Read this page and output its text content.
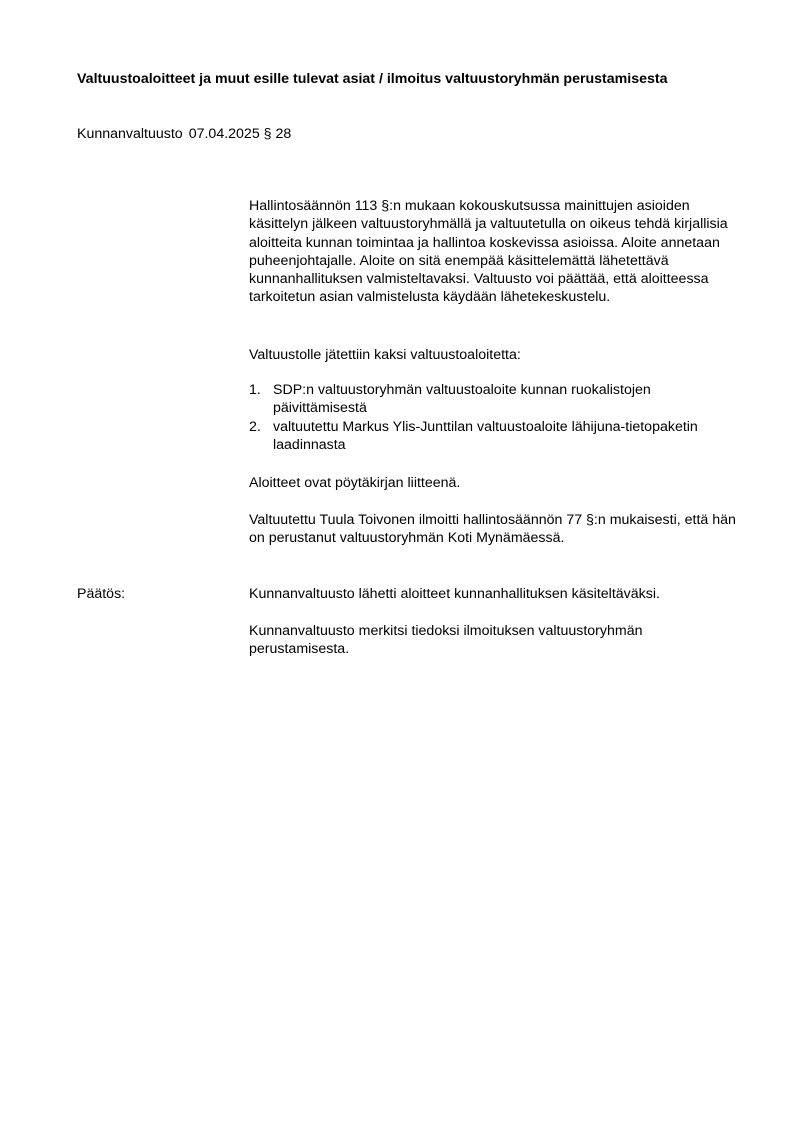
Valtuustoaloitteet ja muut esille tulevat asiat / ilmoitus valtuustoryhmän perustamisesta

Kunnanvaltuusto 07.04.2025 § 28

Hallintosäännön 113 §:n mukaan kokouskutsussa mainittujen asioiden käsittelyn jälkeen valtuustoryhmällä ja valtuutetulla on oikeus tehdä kirjallisia aloitteita kunnan toimintaa ja hallintoa koskevissa asioissa. Aloite annetaan puheenjohtajalle. Aloite on sitä enempää käsittelemättä lähetettävä kunnanhallituksen valmisteltavaksi. Valtuusto voi päättää, että aloitteessa tarkoitetun asian valmistelusta käydään lähetekeskustelu.

Valtuustolle jätettiin kaksi valtuustoaloitetta:

1. SDP:n valtuustoryhmän valtuustoaloite kunnan ruokalistojen päivittämisestä
2. valtuutettu Markus Ylis-Junttilan valtuustoaloite lähijuna-tietopaketin laadinnasta

Aloitteet ovat pöytäkirjan liitteenä.

Valtuutettu Tuula Toivonen ilmoitti hallintosäännön 77 §:n mukaisesti, että hän on perustanut valtuustoryhmän Koti Mynämäessä.

Päätös:	Kunnanvaltuusto lähetti aloitteet kunnanhallituksen käsiteltäväksi.

Kunnanvaltuusto merkitsi tiedoksi ilmoituksen valtuustoryhmän perustamisesta.
